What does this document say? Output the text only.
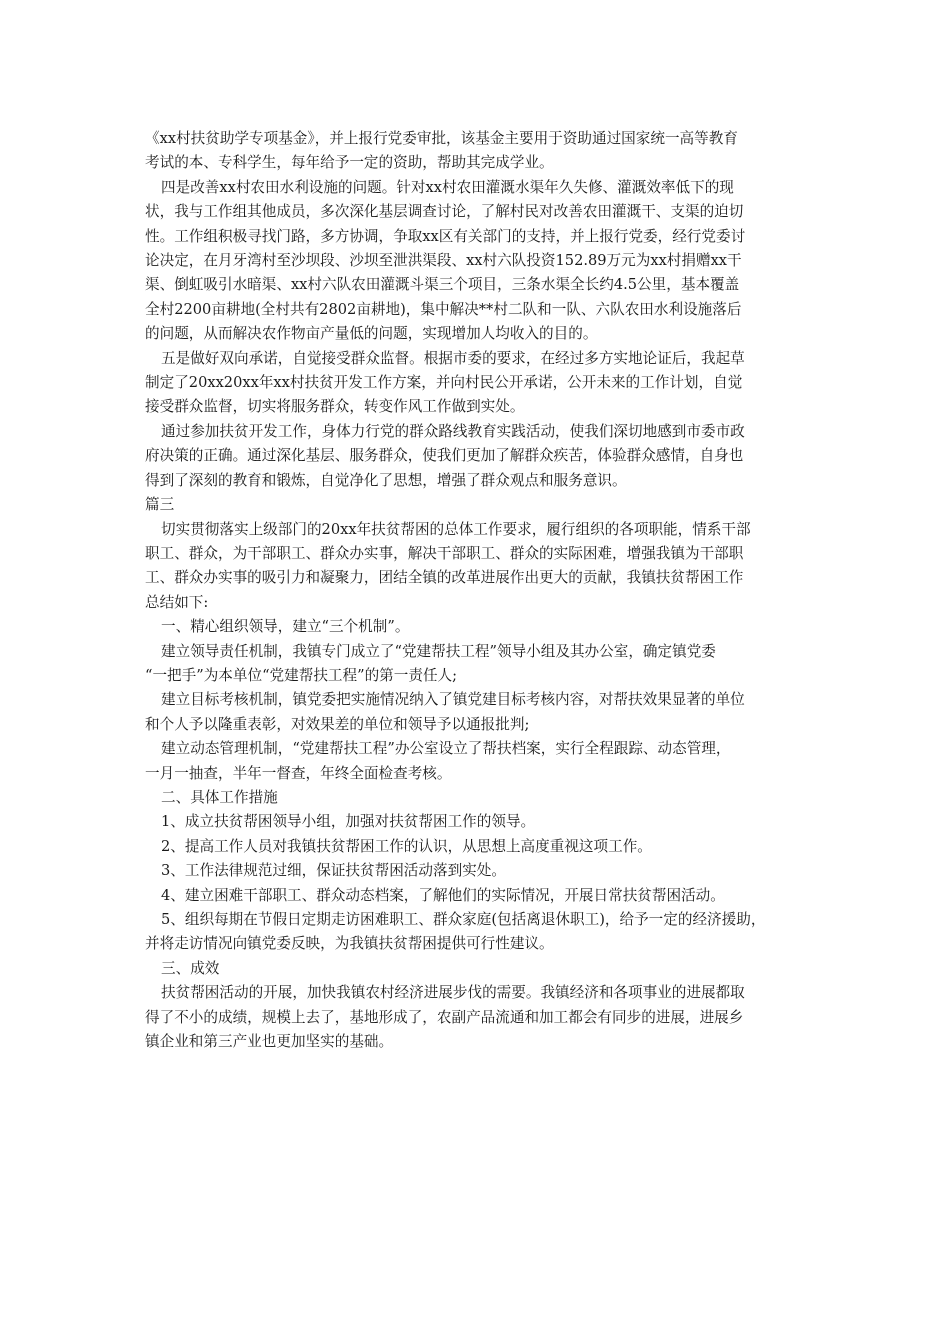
《xx村扶贫助学专项基金》，并上报行党委审批，该基金主要用于资助通过国家统一高等教育
考试的本、专科学生，每年给予一定的资助，帮助其完成学业。

四是改善xx村农田水利设施的问题。针对xx村农田灌溉水渠年久失修、灌溉效率低下的现
状，我与工作组其他成员，多次深化基层调查讨论，了解村民对改善农田灌溉干、支渠的迫切
性。工作组积极寻找门路，多方协调，争取xx区有关部门的支持，并上报行党委，经行党委讨
论决定，在月牙湾村至沙坝段、沙坝至泄洪渠段、xx村六队投资152.89万元为xx村捐赠xx干
渠、倒虹吸引水暗渠、xx村六队农田灌溉斗渠三个项目，三条水渠全长约4.5公里，基本覆盖
全村2200亩耕地(全村共有2802亩耕地)，集中解决**村二队和一队、六队农田水利设施落后
的问题，从而解决农作物亩产量低的问题，实现增加人均收入的目的。

五是做好双向承诺，自觉接受群众监督。根据市委的要求，在经过多方实地论证后，我起草
制定了20xx20xx年xx村扶贫开发工作方案，并向村民公开承诺，公开未来的工作计划，自觉
接受群众监督，切实将服务群众，转变作风工作做到实处。

通过参加扶贫开发工作，身体力行党的群众路线教育实践活动，使我们深切地感到市委市政
府决策的正确。通过深化基层、服务群众，使我们更加了解群众疾苦，体验群众感情，自身也
得到了深刻的教育和锻炼，自觉净化了思想，增强了群众观点和服务意识。

篇三

切实贯彻落实上级部门的20xx年扶贫帮困的总体工作要求，履行组织的各项职能，情系干部
职工、群众，为干部职工、群众办实事，解决干部职工、群众的实际困难，增强我镇为干部职
工、群众办实事的吸引力和凝聚力，团结全镇的改革进展作出更大的贡献，我镇扶贫帮困工作
总结如下:

一、精心组织领导，建立“三个机制”。

建立领导责任机制，我镇专门成立了“党建帮扶工程”领导小组及其办公室，确定镇党委
“一把手”为本单位“党建帮扶工程”的第一责任人;

建立目标考核机制，镇党委把实施情况纳入了镇党建目标考核内容，对帮扶效果显著的单位
和个人予以隆重表彰，对效果差的单位和领导予以通报批判;

建立动态管理机制，“党建帮扶工程”办公室设立了帮扶档案，实行全程跟踪、动态管理，
一月一抽查，半年一督查，年终全面检查考核。

二、具体工作措施

1、成立扶贫帮困领导小组，加强对扶贫帮困工作的领导。

2、提高工作人员对我镇扶贫帮困工作的认识，从思想上高度重视这项工作。

3、工作法律规范过细，保证扶贫帮困活动落到实处。

4、建立困难干部职工、群众动态档案，了解他们的实际情况，开展日常扶贫帮困活动。

5、组织每期在节假日定期走访困难职工、群众家庭(包括离退休职工)，给予一定的经济援助，
并将走访情况向镇党委反映，为我镇扶贫帮困提供可行性建议。

三、成效

扶贫帮困活动的开展，加快我镇农村经济进展步伐的需要。我镇经济和各项事业的进展都取
得了不小的成绩，规模上去了，基地形成了，农副产品流通和加工都会有同步的进展，进展乡
镇企业和第三产业也更加坚实的基础。
